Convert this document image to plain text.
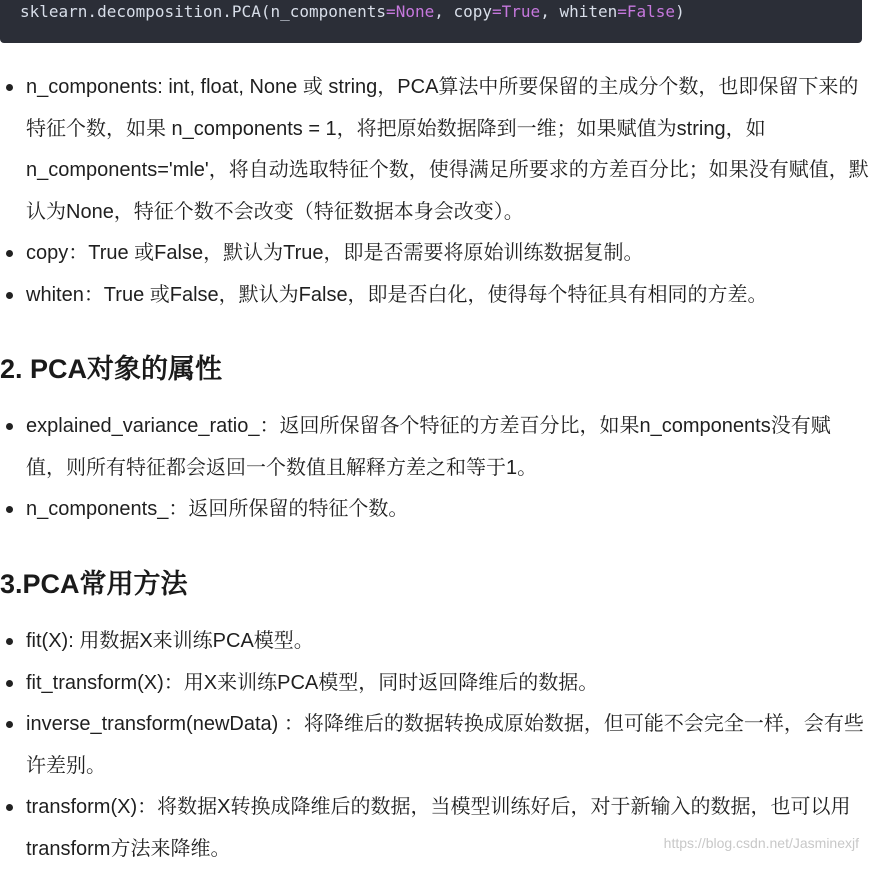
sklearn.decomposition.PCA(n_components=None, copy=True, whiten=False)
n_components: int, float, None 或 string，PCA算法中所要保留的主成分个数，也即保留下来的特征个数，如果 n_components = 1，将把原始数据降到一维；如果赋值为string，如n_components='mle'，将自动选取特征个数，使得满足所要求的方差百分比；如果没有赋值，默认为None，特征个数不会改变（特征数据本身会改变）。
copy：True 或False，默认为True，即是否需要将原始训练数据复制。
whiten：True 或False，默认为False，即是否白化，使得每个特征具有相同的方差。
2. PCA对象的属性
explained_variance_ratio_：返回所保留各个特征的方差百分比，如果n_components没有赋值，则所有特征都会返回一个数值且解释方差之和等于1。
n_components_：返回所保留的特征个数。
3.PCA常用方法
fit(X): 用数据X来训练PCA模型。
fit_transform(X)：用X来训练PCA模型，同时返回降维后的数据。
inverse_transform(newData) ：将降维后的数据转换成原始数据，但可能不会完全一样，会有些许差别。
transform(X)：将数据X转换成降维后的数据，当模型训练好后，对于新输入的数据，也可以用transform方法来降维。	https://blog.csdn.net/Jasminexjf
